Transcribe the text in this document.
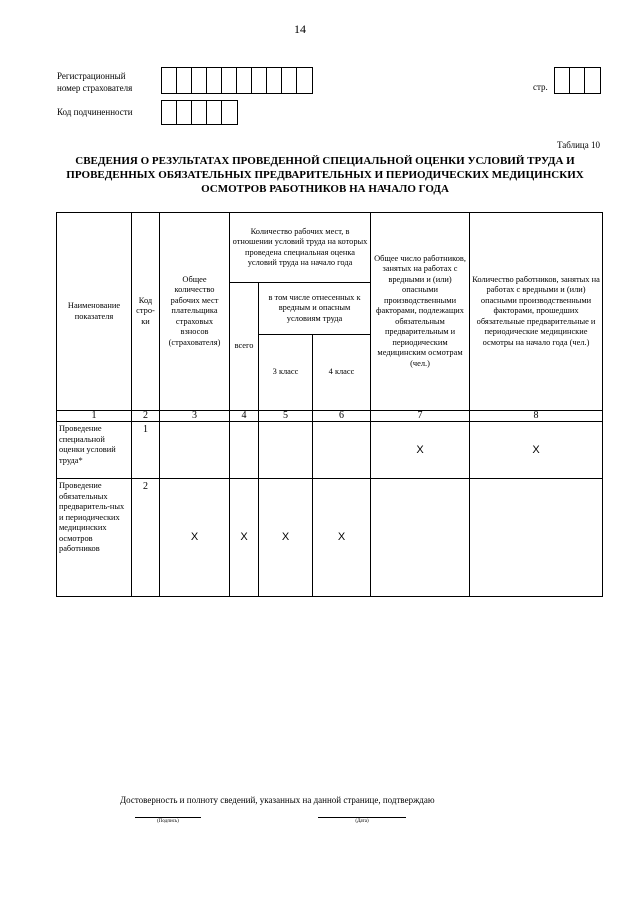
14
Регистрационный
номер страхователя	стр.
Код подчиненности
Таблица 10
СВЕДЕНИЯ О РЕЗУЛЬТАТАХ ПРОВЕДЕННОЙ СПЕЦИАЛЬНОЙ ОЦЕНКИ УСЛОВИЙ ТРУДА И
ПРОВЕДЕННЫХ ОБЯЗАТЕЛЬНЫХ ПРЕДВАРИТЕЛЬНЫХ И ПЕРИОДИЧЕСКИХ МЕДИЦИНСКИХ
ОСМОТРОВ РАБОТНИКОВ НА НАЧАЛО ГОДА
Наименование показателя	Код стро-ки	Общее количество рабочих мест плательщика страховых взносов (страхователя)	Количество рабочих мест, в отношении условий труда на которых проведена специальная оценка условий труда на начало года			Общее число работников, занятых на работах с вредными и (или) опасными производственными факторами, подлежащих обязательным предварительным и периодическим медицинским осмотрам (чел.)	Количество работников, занятых на работах с вредными и (или) опасными производственными факторами, прошедших обязательные предварительные и периодические медицинские осмотры на начало года (чел.)
			всего	в том числе отнесенных к вредным и опасным условиям труда			
				3 класс	4 класс		
1	2	3	4	5	6	7	8
Проведение специальной оценки условий труда*	1					X	X
Проведение обязательных предваритель-ных и периодических медицинских осмотров работников	2	X	X	X	X		
Достоверность и полноту сведений, указанных на данной странице, подтверждаю
(Подпись)	(Дата)
